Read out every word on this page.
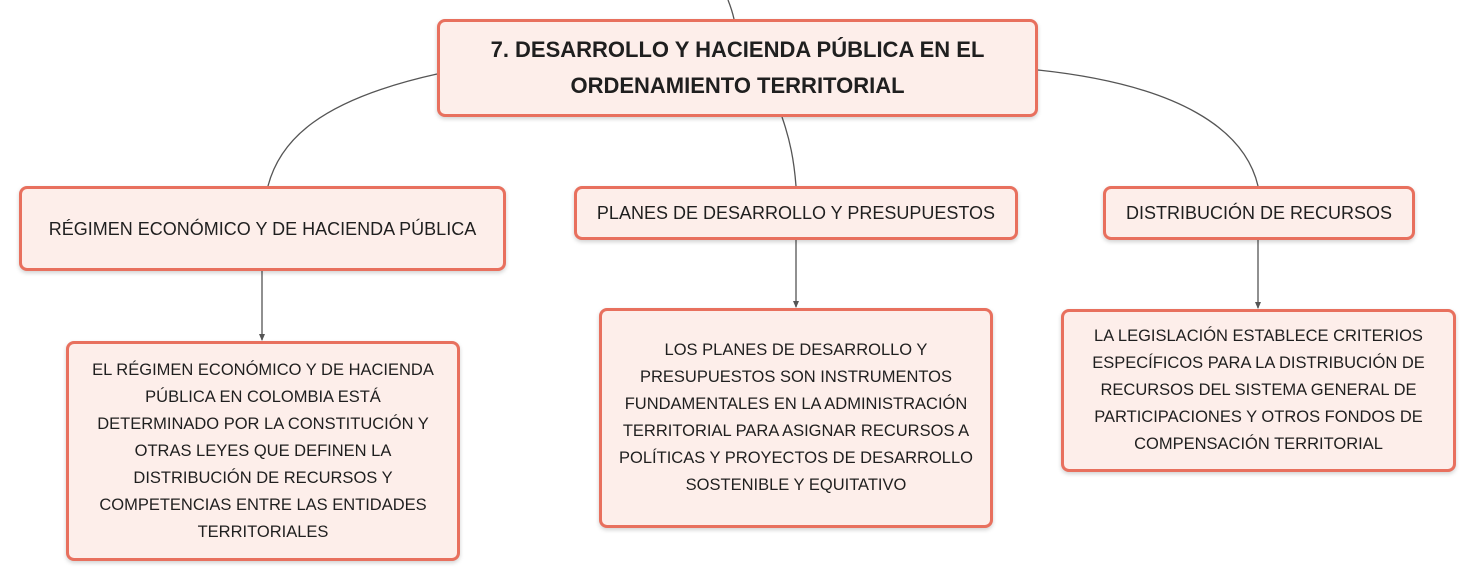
7. DESARROLLO Y HACIENDA PÚBLICA EN EL ORDENAMIENTO TERRITORIAL
RÉGIMEN ECONÓMICO Y DE HACIENDA PÚBLICA
PLANES DE DESARROLLO Y PRESUPUESTOS	DISTRIBUCIÓN DE RECURSOS
EL RÉGIMEN ECONÓMICO Y DE HACIENDA PÚBLICA EN COLOMBIA ESTÁ DETERMINADO POR LA CONSTITUCIÓN Y OTRAS LEYES QUE DEFINEN LA DISTRIBUCIÓN DE RECURSOS Y COMPETENCIAS ENTRE LAS ENTIDADES TERRITORIALES
LOS PLANES DE DESARROLLO Y PRESUPUESTOS SON INSTRUMENTOS FUNDAMENTALES EN LA ADMINISTRACIÓN TERRITORIAL PARA ASIGNAR RECURSOS A POLÍTICAS Y PROYECTOS DE DESARROLLO SOSTENIBLE Y EQUITATIVO
LA LEGISLACIÓN ESTABLECE CRITERIOS ESPECÍFICOS PARA LA DISTRIBUCIÓN DE RECURSOS DEL SISTEMA GENERAL DE PARTICIPACIONES Y OTROS FONDOS DE COMPENSACIÓN TERRITORIAL
